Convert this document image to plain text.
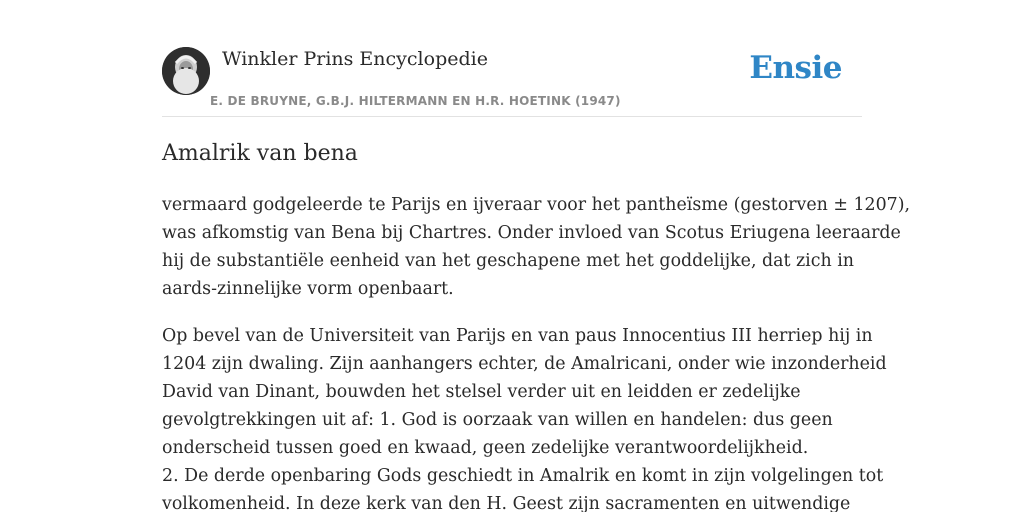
Winkler Prins Encyclopedie
E. DE BRUYNE, G.B.J. HILTERMANN EN H.R. HOETINK (1947)
Ensie
Amalrik van bena

vermaard godgeleerde te Parijs en ijveraar voor het pantheïsme (gestorven ± 1207),
was afkomstig van Bena bij Chartres. Onder invloed van Scotus Eriugena leeraarde
hij de substantiële eenheid van het geschapene met het goddelijke, dat zich in
aards-zinnelijke vorm openbaart.

Op bevel van de Universiteit van Parijs en van paus Innocentius III herriep hij in
1204 zijn dwaling. Zijn aanhangers echter, de Amalricani, onder wie inzonderheid
David van Dinant, bouwden het stelsel verder uit en leidden er zedelijke
gevolgtrekkingen uit af: 1. God is oorzaak van willen en handelen: dus geen
onderscheid tussen goed en kwaad, geen zedelijke verantwoordelijkheid.
2. De derde openbaring Gods geschiedt in Amalrik en komt in zijn volgelingen tot
volkomenheid. In deze kerk van den H. Geest zijn sacramenten en uitwendige
